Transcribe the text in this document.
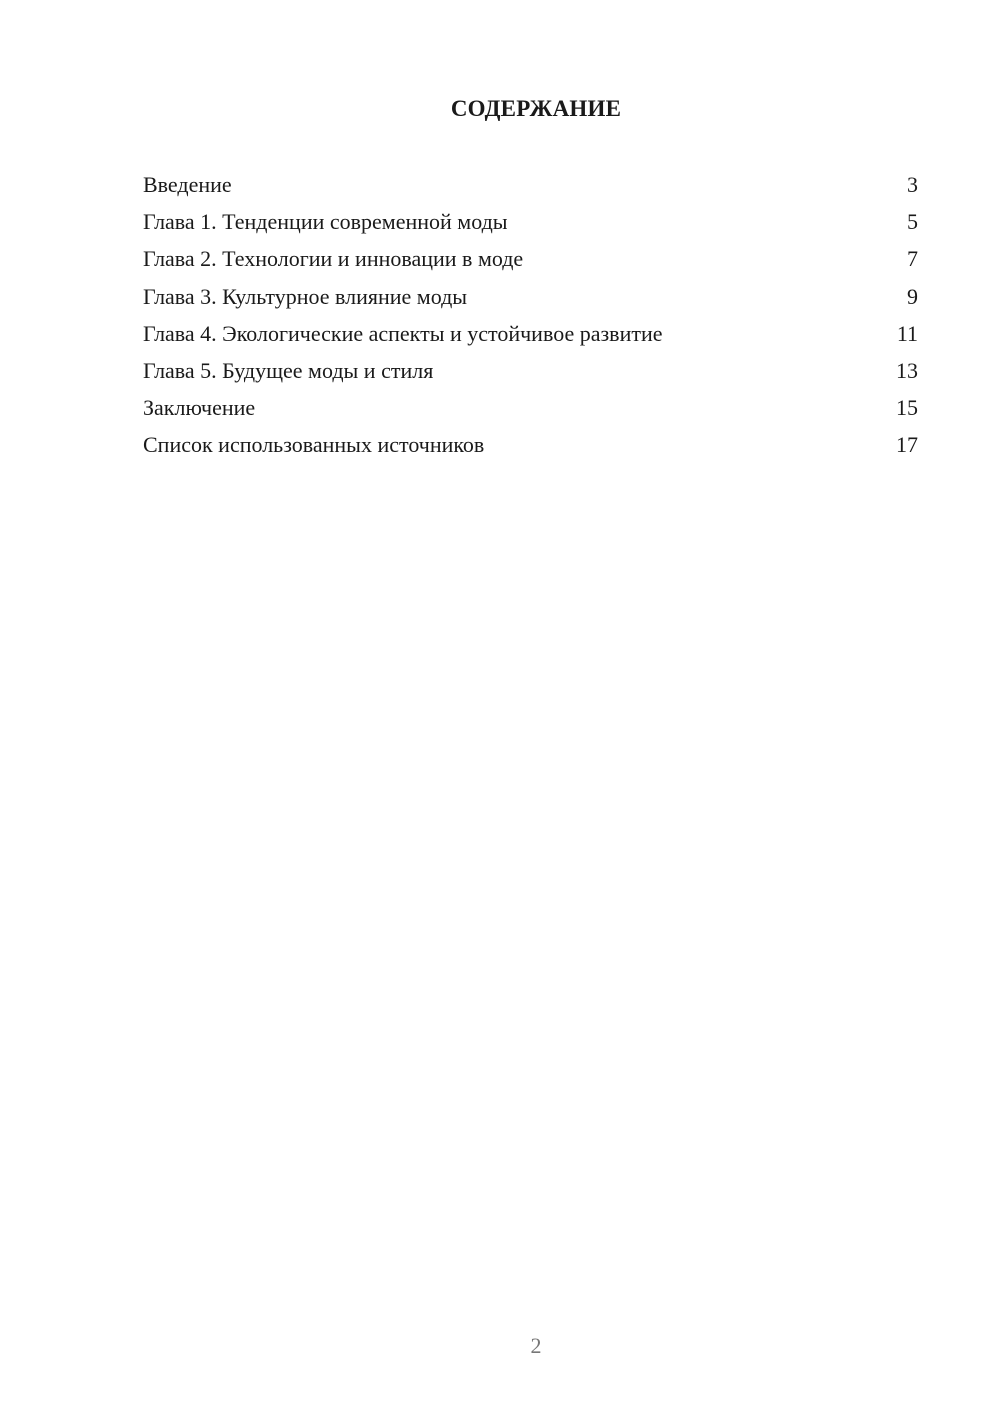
СОДЕРЖАНИЕ
Введение	3
Глава 1. Тенденции современной моды	5
Глава 2. Технологии и инновации в моде	7
Глава 3. Культурное влияние моды	9
Глава 4. Экологические аспекты и устойчивое развитие	11
Глава 5. Будущее моды и стиля	13
Заключение	15
Список использованных источников	17
2
